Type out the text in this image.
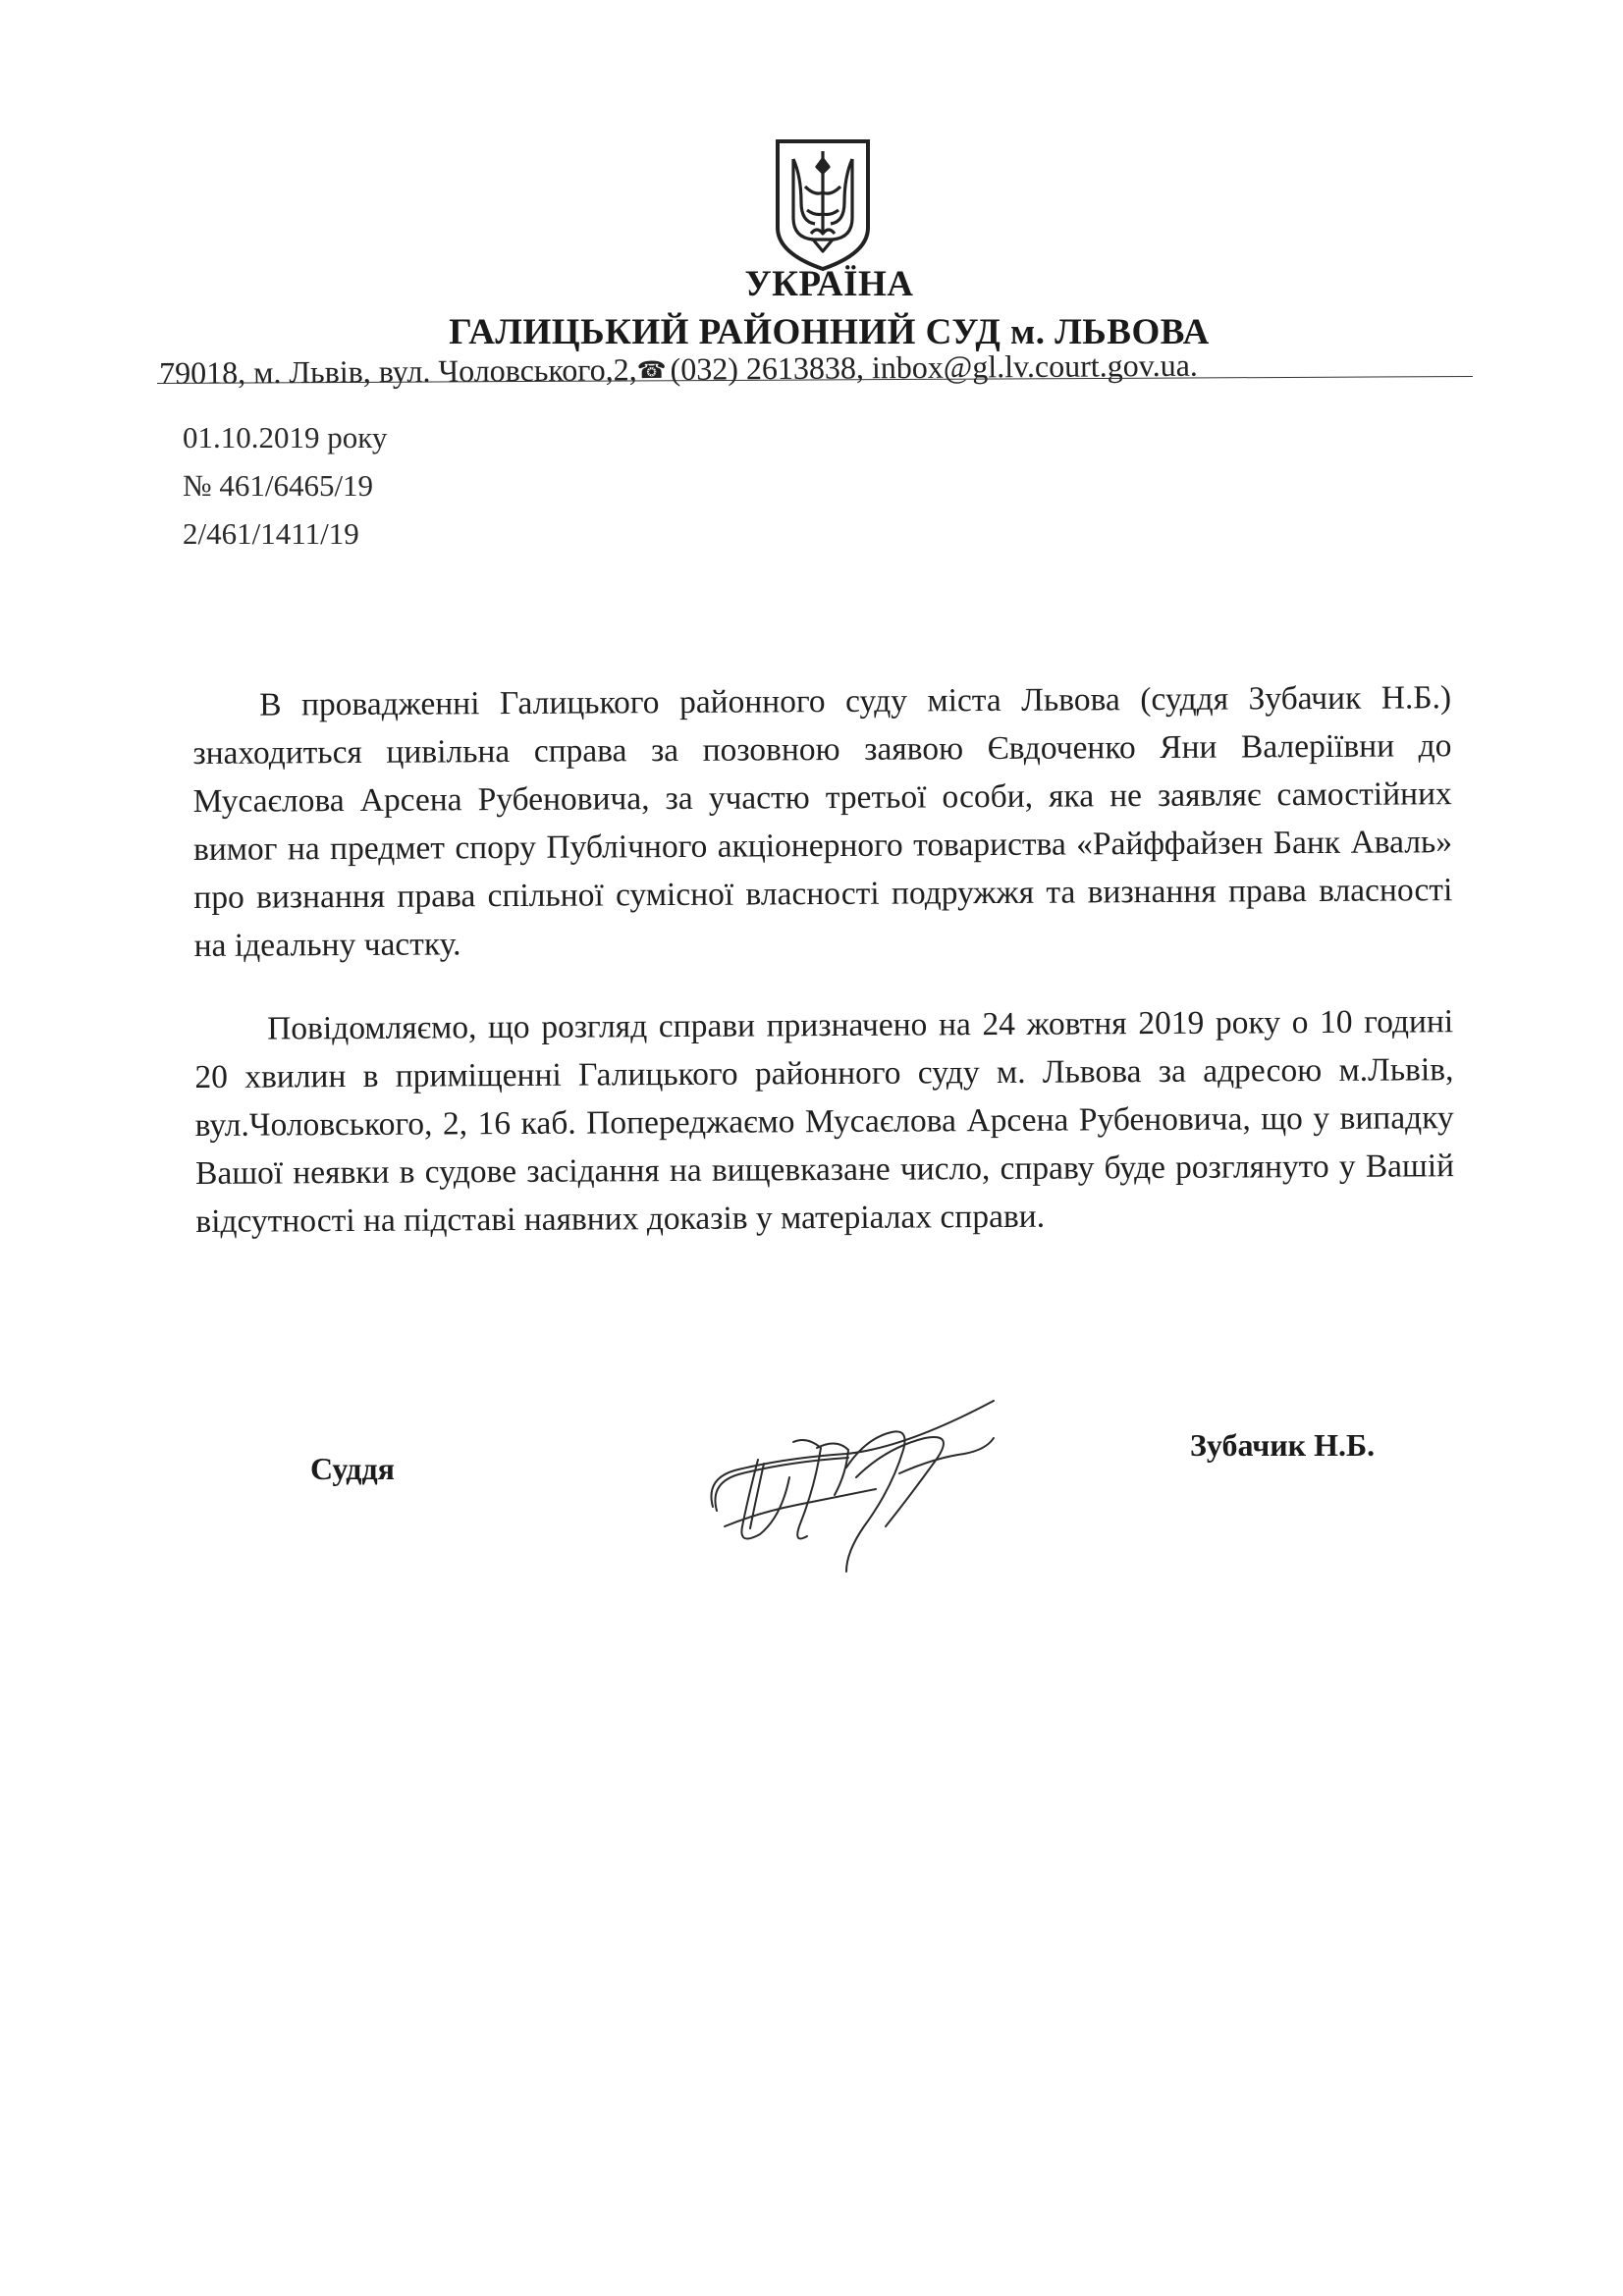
УКРАЇНА
ГАЛИЦЬКИЙ РАЙОННИЙ СУД м. ЛЬВОВА
79018, м. Львів, вул. Чоловського,2,☎ (032) 2613838, inbox@gl.lv.court.gov.ua.
01.10.2019 року
№ 461/6465/19
2/461/1411/19

В провадженні Галицького районного суду міста Львова (суддя Зубачик Н.Б.) знаходиться цивільна справа за позовною заявою Євдоченко Яни Валеріївни до Мусаєлова Арсена Рубеновича, за участю третьої особи, яка не заявляє самостійних вимог на предмет спору Публічного акціонерного товариства «Райффайзен Банк Аваль» про визнання права спільної сумісної власності подружжя та визнання права власності на ідеальну частку.

Повідомляємо, що розгляд справи призначено на 24 жовтня 2019 року о 10 годині 20 хвилин в приміщенні Галицького районного суду м. Львова за адресою м.Львів, вул.Чоловського, 2, 16 каб. Попереджаємо Мусаєлова Арсена Рубеновича, що у випадку Вашої неявки в судове засідання на вищевказане число, справу буде розглянуто у Вашій відсутності на підставі наявних доказів у матеріалах справи.

Суддя
Зубачик Н.Б.
